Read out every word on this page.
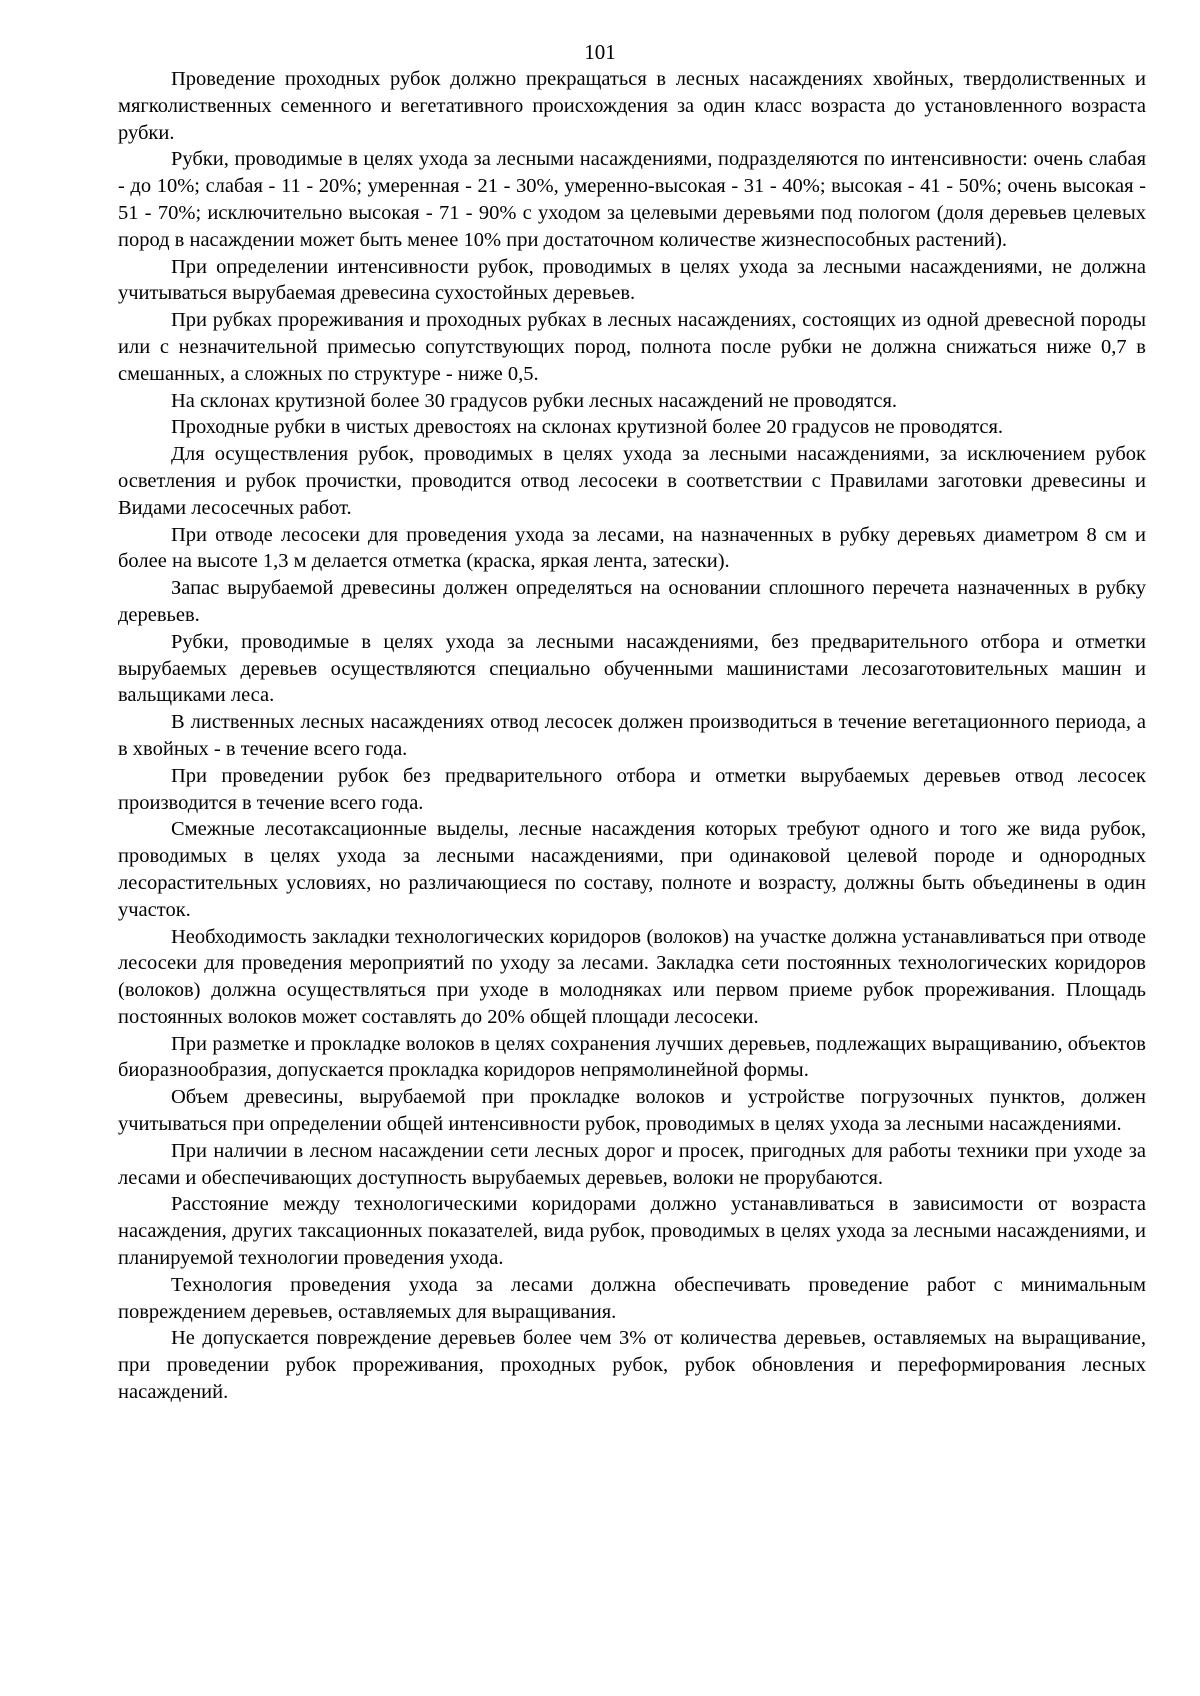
101

Проведение проходных рубок должно прекращаться в лесных насаждениях хвойных, твердолиственных и мягколиственных семенного и вегетативного происхождения за один класс возраста до установленного возраста рубки.

Рубки, проводимые в целях ухода за лесными насаждениями, подразделяются по интенсивности: очень слабая - до 10%; слабая - 11 - 20%; умеренная - 21 - 30%, умеренно-высокая - 31 - 40%; высокая - 41 - 50%; очень высокая - 51 - 70%; исключительно высокая - 71 - 90% с уходом за целевыми деревьями под пологом (доля деревьев целевых пород в насаждении может быть менее 10% при достаточном количестве жизнеспособных растений).

При определении интенсивности рубок, проводимых в целях ухода за лесными насаждениями, не должна учитываться вырубаемая древесина сухостойных деревьев.

При рубках прореживания и проходных рубках в лесных насаждениях, состоящих из одной древесной породы или с незначительной примесью сопутствующих пород, полнота после рубки не должна снижаться ниже 0,7 в смешанных, а сложных по структуре - ниже 0,5.

На склонах крутизной более 30 градусов рубки лесных насаждений не проводятся.

Проходные рубки в чистых древостоях на склонах крутизной более 20 градусов не проводятся.

Для осуществления рубок, проводимых в целях ухода за лесными насаждениями, за исключением рубок осветления и рубок прочистки, проводится отвод лесосеки в соответствии с Правилами заготовки древесины и Видами лесосечных работ.

При отводе лесосеки для проведения ухода за лесами, на назначенных в рубку деревьях диаметром 8 см и более на высоте 1,3 м делается отметка (краска, яркая лента, затески).

Запас вырубаемой древесины должен определяться на основании сплошного перечета назначенных в рубку деревьев.

Рубки, проводимые в целях ухода за лесными насаждениями, без предварительного отбора и отметки вырубаемых деревьев осуществляются специально обученными машинистами лесозаготовительных машин и вальщиками леса.

В лиственных лесных насаждениях отвод лесосек должен производиться в течение вегетационного периода, а в хвойных - в течение всего года.

При проведении рубок без предварительного отбора и отметки вырубаемых деревьев отвод лесосек производится в течение всего года.

Смежные лесотаксационные выделы, лесные насаждения которых требуют одного и того же вида рубок, проводимых в целях ухода за лесными насаждениями, при одинаковой целевой породе и однородных лесорастительных условиях, но различающиеся по составу, полноте и возрасту, должны быть объединены в один участок.

Необходимость закладки технологических коридоров (волоков) на участке должна устанавливаться при отводе лесосеки для проведения мероприятий по уходу за лесами. Закладка сети постоянных технологических коридоров (волоков) должна осуществляться при уходе в молодняках или первом приеме рубок прореживания. Площадь постоянных волоков может составлять до 20% общей площади лесосеки.

При разметке и прокладке волоков в целях сохранения лучших деревьев, подлежащих выращиванию, объектов биоразнообразия, допускается прокладка коридоров непрямолинейной формы.

Объем древесины, вырубаемой при прокладке волоков и устройстве погрузочных пунктов, должен учитываться при определении общей интенсивности рубок, проводимых в целях ухода за лесными насаждениями.

При наличии в лесном насаждении сети лесных дорог и просек, пригодных для работы техники при уходе за лесами и обеспечивающих доступность вырубаемых деревьев, волоки не прорубаются.

Расстояние между технологическими коридорами должно устанавливаться в зависимости от возраста насаждения, других таксационных показателей, вида рубок, проводимых в целях ухода за лесными насаждениями, и планируемой технологии проведения ухода.

Технология проведения ухода за лесами должна обеспечивать проведение работ с минимальным повреждением деревьев, оставляемых для выращивания.

Не допускается повреждение деревьев более чем 3% от количества деревьев, оставляемых на выращивание, при проведении рубок прореживания, проходных рубок, рубок обновления и переформирования лесных насаждений.
